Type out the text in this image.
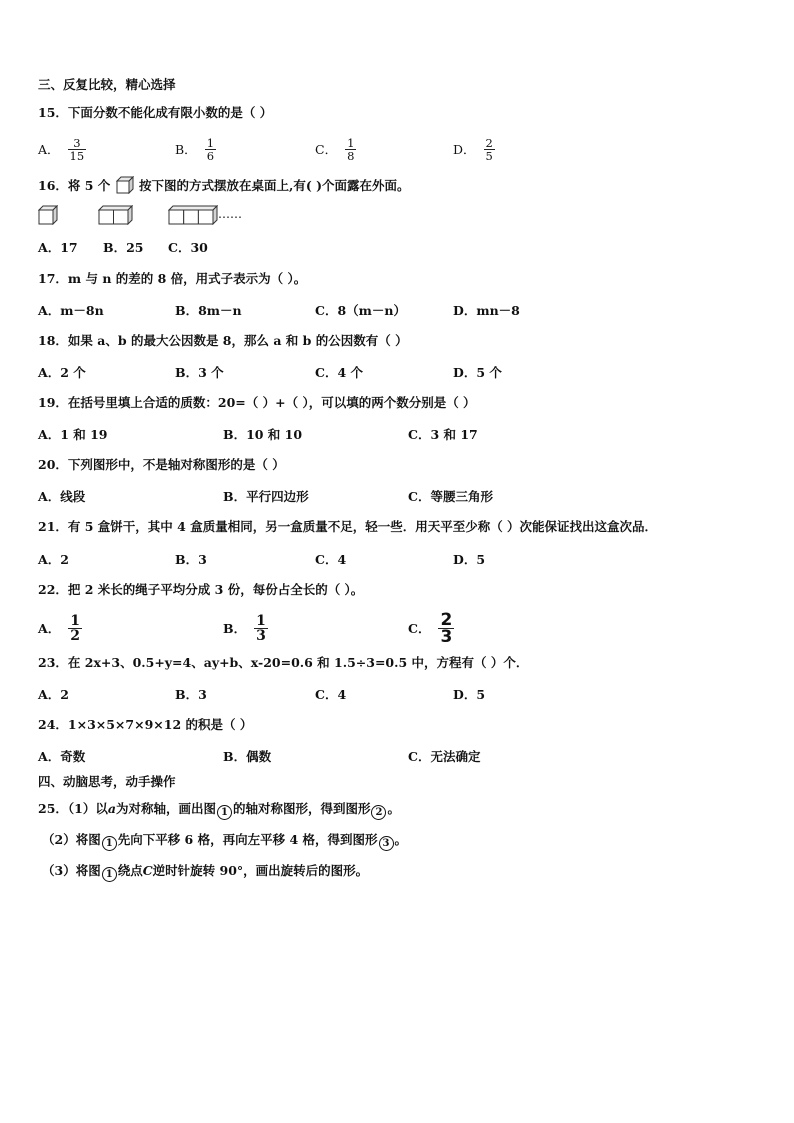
三、反复比较，精心选择
15．下面分数不能化成有限小数的是（ ）
A． $\frac{3}{15}$	B． $\frac{1}{6}$	C． $\frac{1}{8}$	D． $\frac{2}{5}$
16．将 5 个 按下图的方式摆放在桌面上,有( )个面露在外面。
……
A．17 B．25 C．30
17．m 与 n 的差的 8 倍，用式子表示为（ ）。
A．m－8n	B．8m－n	C．8（m－n）	D．mn－8
18．如果 a、b 的最大公因数是 8，那么 a 和 b 的公因数有（ ）
A．2 个	B．3 个	C．4 个	D．5 个
19．在括号里填上合适的质数：20=（ ）+（ ），可以填的两个数分别是（ ）
A．1 和 19	B．10 和 10	C．3 和 17
20．下列图形中，不是轴对称图形的是（ ）
A．线段	B．平行四边形	C．等腰三角形
21．有 5 盒饼干，其中 4 盒质量相同，另一盒质量不足，轻一些．用天平至少称（ ）次能保证找出这盒次品．
A．2	B．3	C．4	D．5
22．把 2 米长的绳子平均分成 3 份，每份占全长的（ ）。
A． $\frac{1}{2}$	B． $\frac{1}{3}$	C． $\frac{2}{3}$
23．在 2x+3、0.5+y=4、ay+b、x-20=0.6 和 1.5÷3=0.5 中，方程有（ ）个．
A．2	B．3	C．4	D．5
24．1×3×5×7×9×12 的积是（ ）
A．奇数	B．偶数	C．无法确定
四、动脑思考，动手操作
25．（1）以a为对称轴，画出图 1 的轴对称图形，得到图形 2 。
（2）将图 1 先向下平移 6 格，再向左平移 4 格，得到图形 3 。
（3）将图 1 绕点C逆时针旋转 90°，画出旋转后的图形。
